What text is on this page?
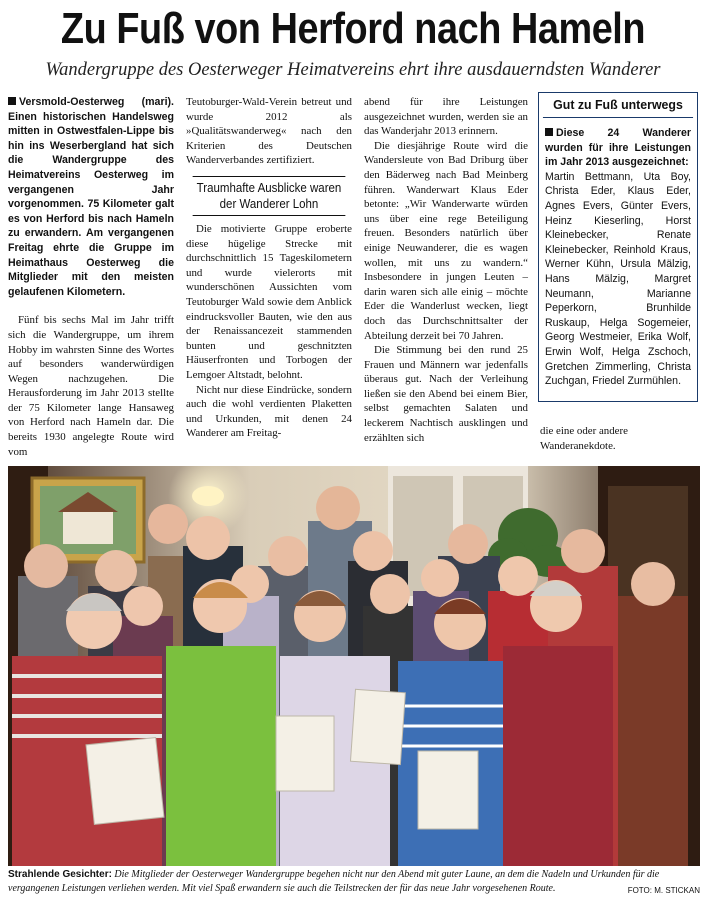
Zu Fuß von Herford nach Hameln
Wandergruppe des Oesterweger Heimatvereins ehrt ihre ausdauerndsten Wanderer

Versmold-Oesterweg (mari). Einen historischen Handelsweg mitten in Ostwestfalen-Lippe bis hin ins Weserbergland hat sich die Wandergruppe des Heimatvereins Oesterweg im vergangenen Jahr vorgenommen. 75 Kilometer galt es von Herford bis nach Hameln zu erwandern. Am vergangenen Freitag ehrte die Gruppe im Heimathaus Oesterweg die Mitglieder mit den meisten gelaufenen Kilometern.

Fünf bis sechs Mal im Jahr trifft sich die Wandergruppe, um ihrem Hobby im wahrsten Sinne des Wortes auf besonders wanderwürdigen Wegen nachzugehen. Die Herausforderung im Jahr 2013 stellte der 75 Kilometer lange Hansaweg von Herford nach Hameln dar. Die bereits 1930 angelegte Route wird vom

Teutoburger-Wald-Verein betreut und wurde 2012 als »Qualitätswanderweg« nach den Kriterien des Deutschen Wanderverbandes zertifiziert.

Traumhafte Ausblicke waren der Wanderer Lohn

Die motivierte Gruppe eroberte diese hügelige Strecke mit durchschnittlich 15 Tageskilometern und wurde vielerorts mit wunderschönen Aussichten vom Teutoburger Wald sowie dem Anblick eindrucksvoller Bauten, wie den aus der Renaissancezeit stammenden bunten und geschnitzten Häuserfronten und Torbogen der Lemgoer Altstadt, belohnt.

Nicht nur diese Eindrücke, sondern auch die wohl verdienten Plaketten und Urkunden, mit denen 24 Wanderer am Freitag-

abend für ihre Leistungen ausgezeichnet wurden, werden sie an das Wanderjahr 2013 erinnern.

Die diesjährige Route wird die Wandersleute von Bad Driburg über den Bäderweg nach Bad Meinberg führen. Wanderwart Klaus Eder betonte: „Wir Wanderwarte würden uns über eine rege Beteiligung freuen. Besonders natürlich über einige Neuwanderer, die es wagen wollen, mit uns zu wandern.“ Insbesondere in jungen Leuten – darin waren sich alle einig – möchte Eder die Wanderlust wecken, liegt doch das Durchschnittsalter der Abteilung derzeit bei 70 Jahren.

Die Stimmung bei den rund 25 Frauen und Männern war jedenfalls überaus gut. Nach der Verleihung ließen sie den Abend bei einem Bier, selbst gemachten Salaten und leckerem Nachtisch ausklingen und erzählten sich

Gut zu Fuß unterwegs
Diese 24 Wanderer wurden für ihre Leistungen im Jahr 2013 ausgezeichnet:
Martin Bettmann, Uta Boy, Christa Eder, Klaus Eder, Agnes Evers, Günter Evers, Heinz Kieserling, Horst Kleinebecker, Renate Kleinebecker, Reinhold Kraus, Werner Kühn, Ursula Mälzig, Hans Mälzig, Margret Neumann, Marianne Peperkorn, Brunhilde Ruskaup, Helga Sogemeier, Georg Westmeier, Erika Wolf, Erwin Wolf, Helga Zschoch, Gretchen Zimmerling, Christa Zuchgan, Friedel Zurmühlen.
die eine oder andere Wanderanekdote.
Strahlende Gesichter: Die Mitglieder der Oesterweger Wandergruppe begehen nicht nur den Abend mit guter Laune, an dem die Nadeln und Urkunden für die vergangenen Leistungen verliehen werden. Mit viel Spaß erwandern sie auch die Teilstrecken der für das neue Jahr vorgesehenen Route.	FOTO: M. STICKAN
